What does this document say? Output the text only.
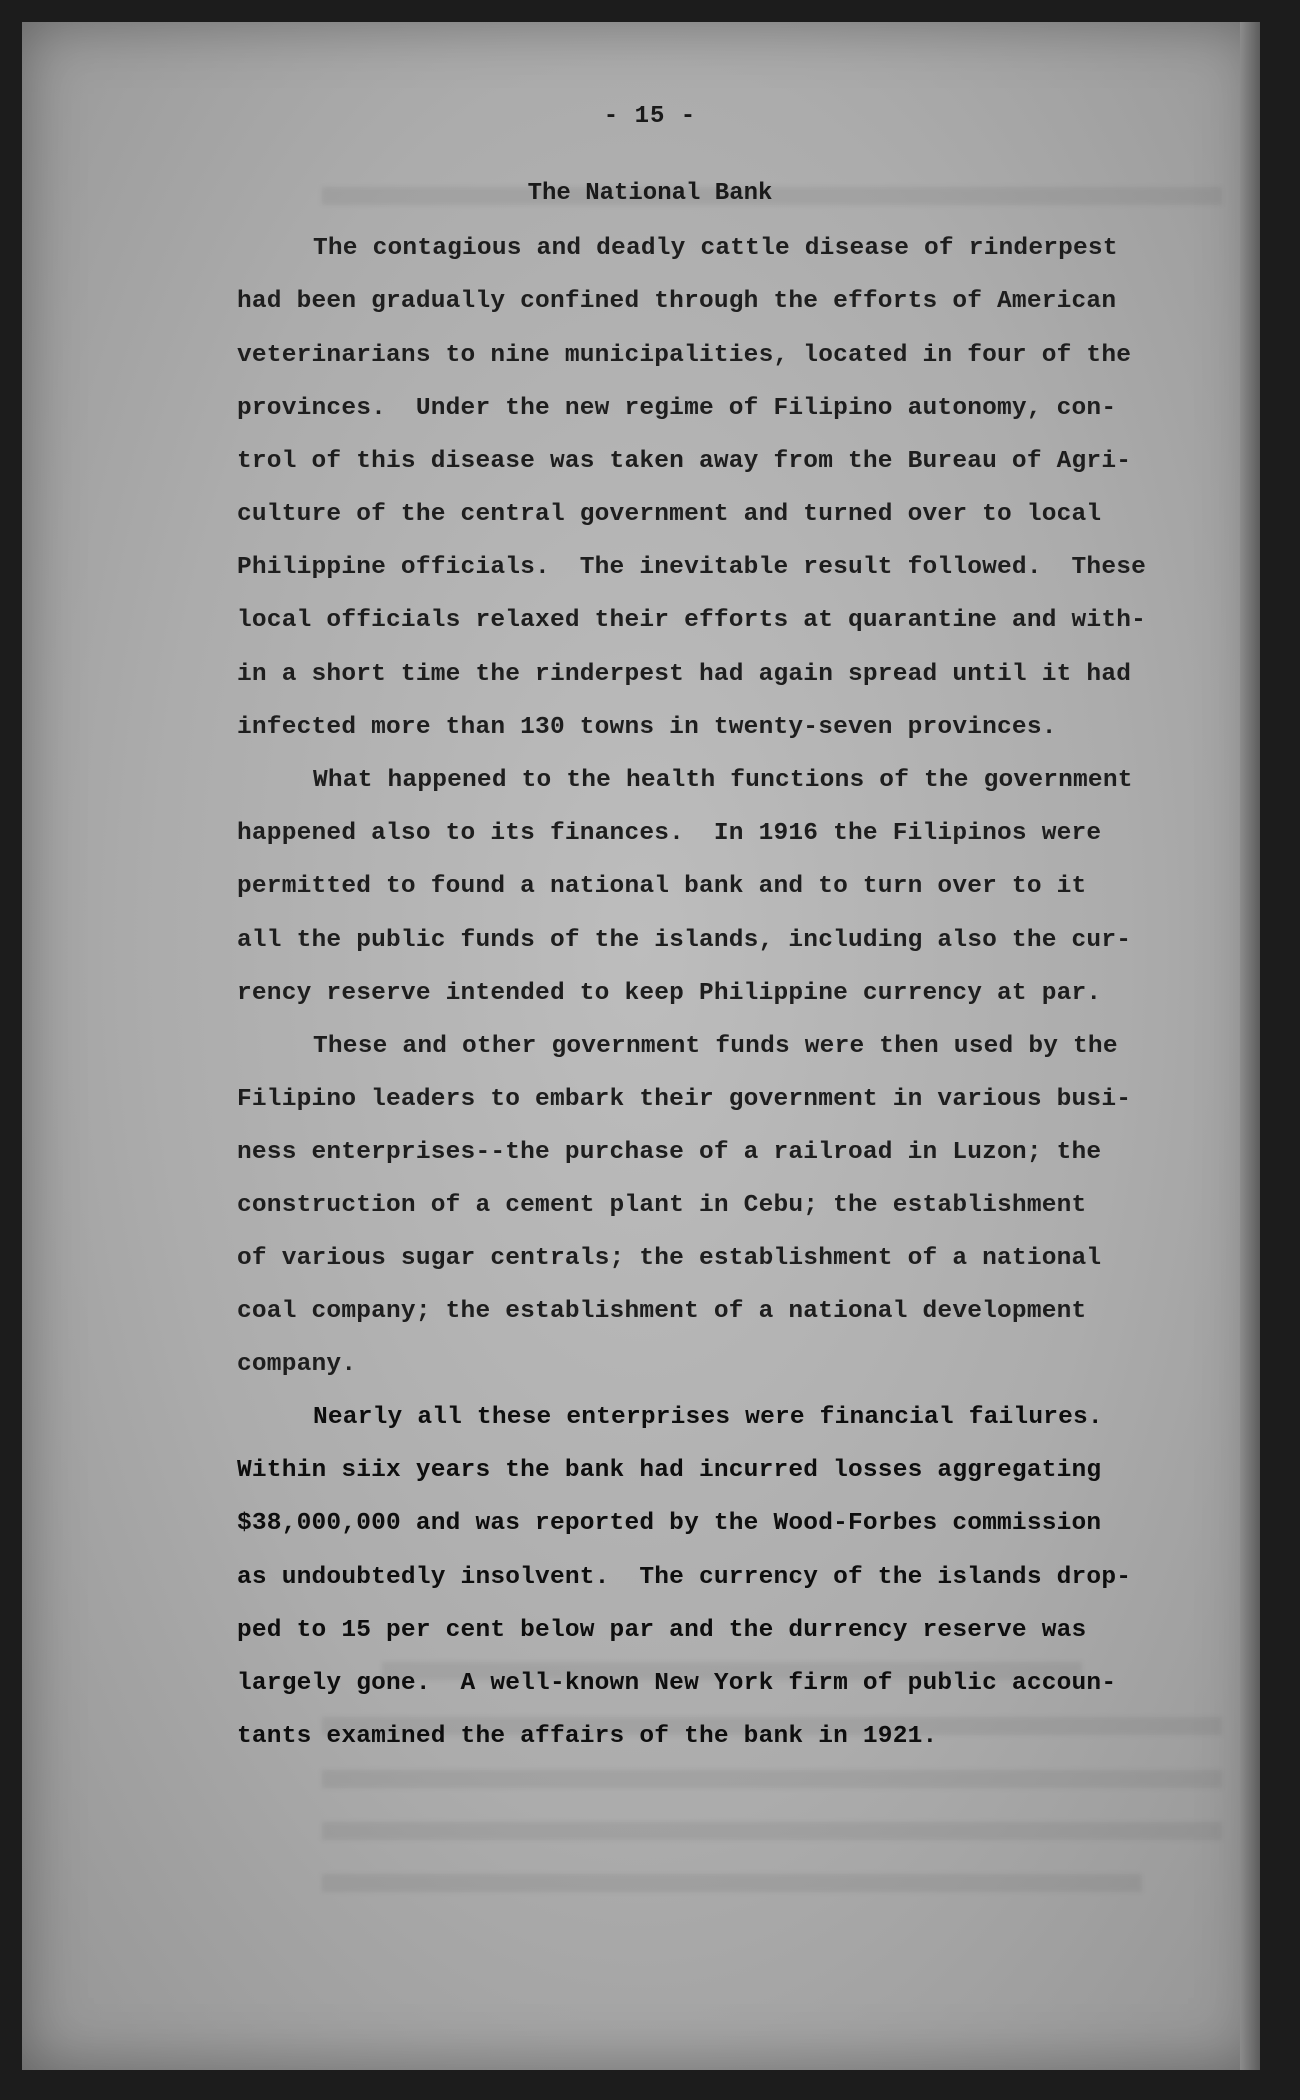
- 15 -
The National Bank
The contagious and deadly cattle disease of rinderpest
had been gradually confined through the efforts of American
veterinarians to nine municipalities, located in four of the
provinces.  Under the new regime of Filipino autonomy, con-
trol of this disease was taken away from the Bureau of Agri-
culture of the central government and turned over to local
Philippine officials.  The inevitable result followed.  These
local officials relaxed their efforts at quarantine and with-
in a short time the rinderpest had again spread until it had
infected more than 130 towns in twenty-seven provinces.
What happened to the health functions of the government
happened also to its finances.  In 1916 the Filipinos were
permitted to found a national bank and to turn over to it
all the public funds of the islands, including also the cur-
rency reserve intended to keep Philippine currency at par.
These and other government funds were then used by the
Filipino leaders to embark their government in various busi-
ness enterprises--the purchase of a railroad in Luzon; the
construction of a cement plant in Cebu; the establishment
of various sugar centrals; the establishment of a national
coal company; the establishment of a national development
company.
Nearly all these enterprises were financial failures.
Within siix years the bank had incurred losses aggregating
$38,000,000 and was reported by the Wood-Forbes commission
as undoubtedly insolvent.  The currency of the islands drop-
ped to 15 per cent below par and the durrency reserve was
largely gone.  A well-known New York firm of public accoun-
tants examined the affairs of the bank in 1921.
